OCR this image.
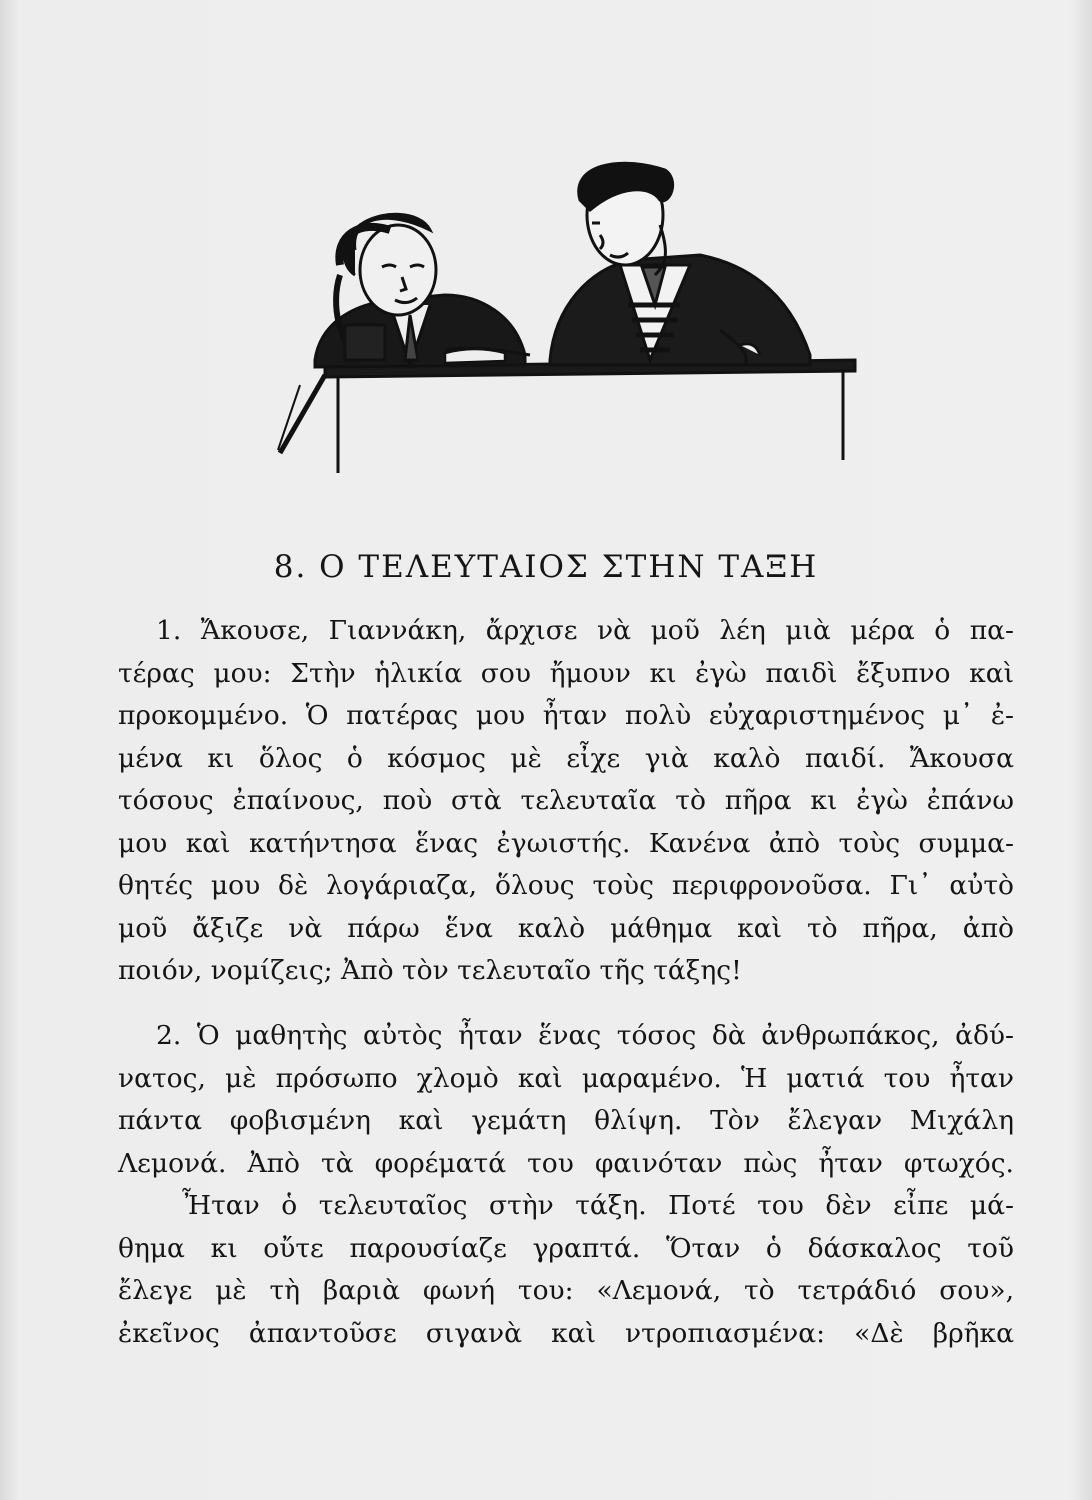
8. Ο ΤΕΛΕΥΤΑΙΟΣ ΣΤΗΝ ΤΑΞΗ
1. Ἄκουσε, Γιαννάκη, ἄρχισε νὰ μοῦ λέη μιὰ μέρα ὁ πα-
τέρας μου: Στὴν ἡλικία σου ἤμουν κι ἐγὼ παιδὶ ἔξυπνο καὶ
προκομμένο. Ὁ πατέρας μου ἦταν πολὺ εὐχαριστημένος μ᾿ ἐ-
μένα κι ὅλος ὁ κόσμος μὲ εἶχε γιὰ καλὸ παιδί. Ἄκουσα
τόσους ἐπαίνους, ποὺ στὰ τελευταῖα τὸ πῆρα κι ἐγὼ ἐπάνω
μου καὶ κατήντησα ἕνας ἐγωιστής. Κανένα ἀπὸ τοὺς συμμα-
θητές μου δὲ λογάριαζα, ὅλους τοὺς περιφρονοῦσα. Γι᾿ αὐτὸ
μοῦ ἄξιζε νὰ πάρω ἕνα καλὸ μάθημα καὶ τὸ πῆρα, ἀπὸ
ποιόν, νομίζεις; Ἀπὸ τὸν τελευταῖο τῆς τάξης!
2. Ὁ μαθητὴς αὐτὸς ἦταν ἕνας τόσος δὰ ἀνθρωπάκος, ἀδύ-
νατος, μὲ πρόσωπο χλομὸ καὶ μαραμένο. Ἡ ματιά του ἦταν
πάντα φοβισμένη καὶ γεμάτη θλίψη. Τὸν ἔλεγαν Μιχάλη
Λεμονά. Ἀπὸ τὰ φορέματά του φαινόταν πὼς ἦταν φτωχός.
Ἦταν ὁ τελευταῖος στὴν τάξη. Ποτέ του δὲν εἶπε μά-
θημα κι οὔτε παρουσίαζε γραπτά. Ὅταν ὁ δάσκαλος τοῦ
ἔλεγε μὲ τὴ βαριὰ φωνή του: «Λεμονά, τὸ τετράδιό σου»,
ἐκεῖνος ἀπαντοῦσε σιγανὰ καὶ ντροπιασμένα: «Δὲ βρῆκα
